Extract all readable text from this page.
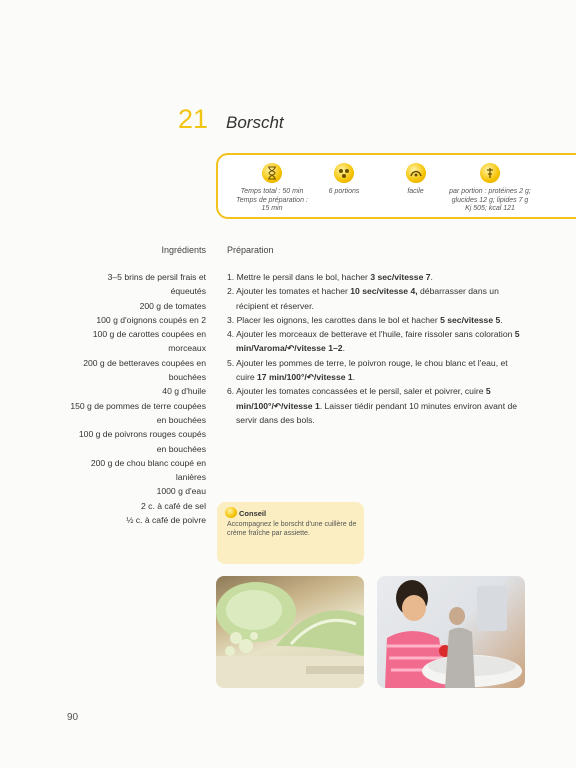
21 Borscht
Temps total : 50 min
Temps de préparation :
15 min
6 portions	facile	par portion : protéines 2 g;
glucides 12 g; lipides 7 g
Kj 505; kcal 121
Ingrédients Préparation
3–5 brins de persil frais et
équeutés
200 g de tomates
100 g d'oignons coupés en 2
100 g de carottes coupées en
morceaux
200 g de betteraves coupées en
bouchées
40 g d'huile
150 g de pommes de terre coupées
en bouchées
100 g de poivrons rouges coupés
en bouchées
200 g de chou blanc coupé en
lanières
1000 g d'eau
2 c. à café de sel
½ c. à café de poivre
1. Mettre le persil dans le bol, hacher 3 sec/vitesse 7.
2. Ajouter les tomates et hacher 10 sec/vitesse 4, débarrasser dans un récipient et réserver.
3. Placer les oignons, les carottes dans le bol et hacher 5 sec/vitesse 5.
4. Ajouter les morceaux de betterave et l'huile, faire rissoler sans coloration 5 min/Varoma/↶/vitesse 1–2.
5. Ajouter les pommes de terre, le poivron rouge, le chou blanc et l'eau, et cuire 17 min/100°/↶/vitesse 1.
6. Ajouter les tomates concassées et le persil, saler et poivrer, cuire 5 min/100°/↶/vitesse 1. Laisser tiédir pendant 10 minutes environ avant de servir dans des bols.
Conseil
Accompagnez le borscht d'une cuillère de crème fraîche par assiette.
90
